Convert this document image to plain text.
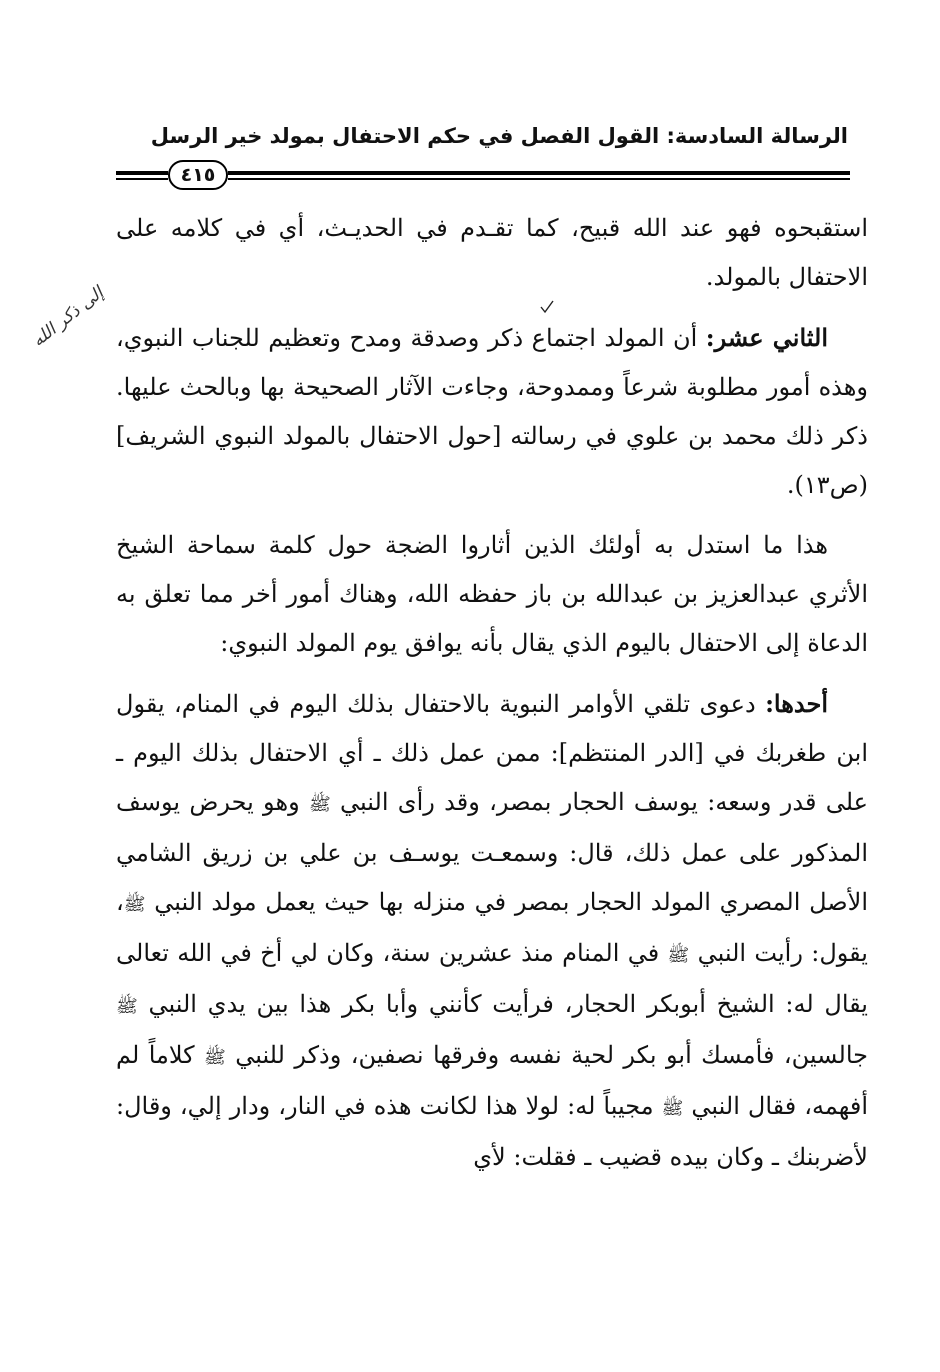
الرسالة السادسة: القول الفصل في حكم الاحتفال بمولد خير الرسل
٤١٥
إلى ذكر الله

استقبحوه فهو عند الله قبيح، كما تقـدم في الحديـث، أي في كلامه على الاحتفال بالمولد.

الثاني عشر: أن المولد اجتماع ذكر وصدقة ومدح وتعظيم للجناب النبوي، وهذه أمور مطلوبة شرعاً وممدوحة، وجاءت الآثار الصحيحة بها وبالحث عليها. ذكر ذلك محمد بن علوي في رسالته [حول الاحتفال بالمولد النبوي الشريف] (ص١٣).

هذا ما استدل به أولئك الذين أثاروا الضجة حول كلمة سماحة الشيخ الأثري عبدالعزيز بن عبدالله بن باز حفظه الله، وهناك أمور أخر مما تعلق به الدعاة إلى الاحتفال باليوم الذي يقال بأنه يوافق يوم المولد النبوي:

أحدها: دعوى تلقي الأوامر النبوية بالاحتفال بذلك اليوم في المنام، يقول ابن طغربك في [الدر المنتظم]: ممن عمل ذلك ـ أي الاحتفال بذلك اليوم ـ على قدر وسعه: يوسف الحجار بمصر، وقد رأى النبي ﷺ وهو يحرض يوسف المذكور على عمل ذلك، قال: وسمعـت يوسـف بن علي بن زريق الشامي الأصل المصري المولد الحجار بمصر في منزله بها حيث يعمل مولد النبي ﷺ، يقول: رأيت النبي ﷺ في المنام منذ عشرين سنة، وكان لي أخ في الله تعالى يقال له: الشيخ أبوبكر الحجار، فرأيت كأنني وأبا بكر هذا بين يدي النبي ﷺ جالسين، فأمسك أبو بكر لحية نفسه وفرقها نصفين، وذكر للنبي ﷺ كلاماً لم أفهمه، فقال النبي ﷺ مجيباً له: لولا هذا لكانت هذه في النار، ودار إلي، وقال: لأضربنك ـ وكان بيده قضيب ـ فقلت: لأي
